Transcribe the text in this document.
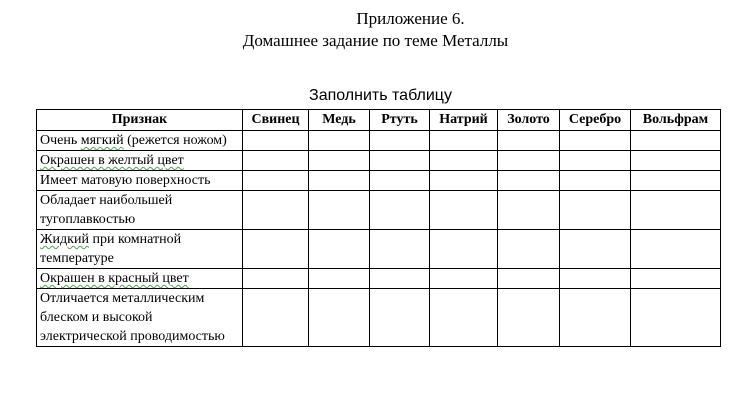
Приложение 6.
Домашнее задание по теме Металлы
Заполнить таблицу
Признак	Свинец	Медь	Ртуть	Натрий	Золото	Серебро	Вольфрам
Очень мягкий (режется ножом)							
Окрашен в желтый цвет							
Имеет матовую поверхность							
Обладает наибольшей тугоплавкостью							
Жидкий при комнатной температуре							
Окрашен в красный цвет							
Отличается металлическим блеском и высокой электрической проводимостью							
